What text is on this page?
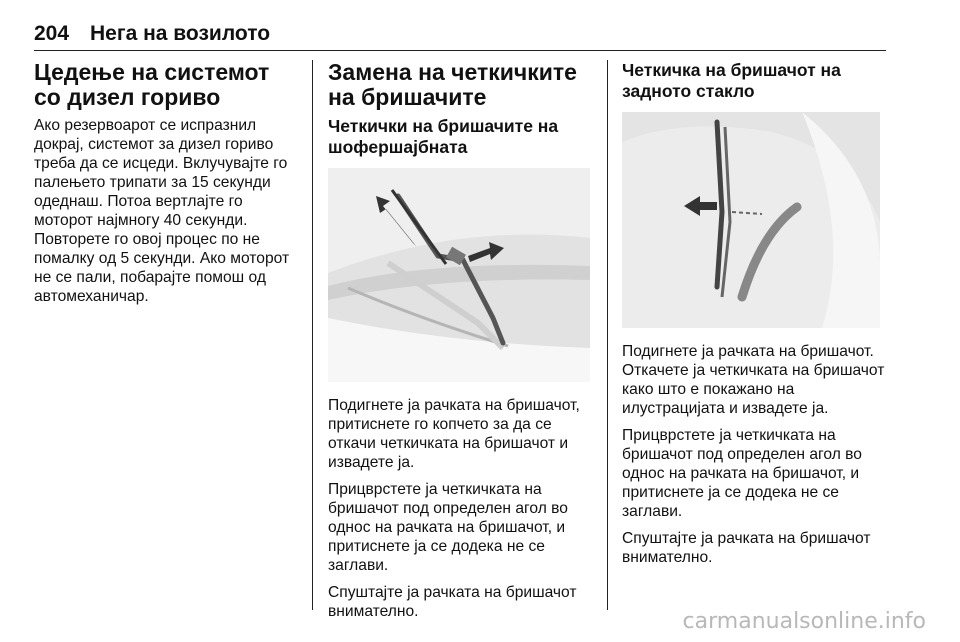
204 Нега на возилото
Цедење на системот со дизел гориво

Ако резервоарот се испразнил докрај, системот за дизел гориво треба да се исцеди. Вклучувајте го палењето трипати за 15 секунди одеднаш. Потоа вертлајте го моторот најмногу 40 секунди. Повторете го овој процес по не помалку од 5 секунди. Ако моторот не се пали, побарајте помош од автомеханичар.

Замена на четкичките на бришачите
Четкички на бришачите на шофершајбната

Подигнете ја рачката на бришачот, притиснете го копчето за да се откачи четкичката на бришачот и извадете ја.

Прицврстете ја четкичката на бришачот под определен агол во однос на рачката на бришачот, и притиснете ја се додека не се заглави.

Спуштајте ја рачката на бришачот внимателно.

Четкичка на бришачот на задното стакло

Подигнете ја рачката на бришачот. Откачете ја четкичката на бришачот како што е покажано на илустрацијата и извадете ја.

Прицврстете ја четкичката на бришачот под определен агол во однос на рачката на бришачот, и притиснете ја се додека не се заглави.

Спуштајте ја рачката на бришачот внимателно.

carmanualsonline.info
